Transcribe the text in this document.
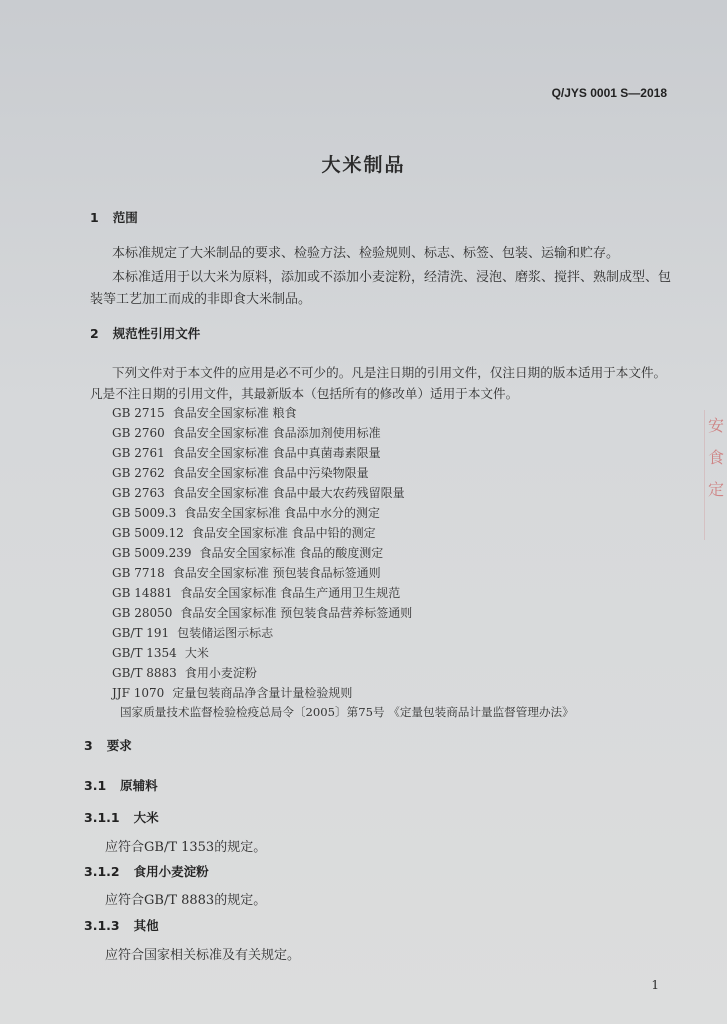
Q/JYS 0001 S—2018
大米制品
1 范围
本标准规定了大米制品的要求、检验方法、检验规则、标志、标签、包装、运输和贮存。
本标准适用于以大米为原料，添加或不添加小麦淀粉，经清洗、浸泡、磨浆、搅拌、熟制成型、包
装等工艺加工而成的非即食大米制品。
2 规范性引用文件
下列文件对于本文件的应用是必不可少的。凡是注日期的引用文件，仅注日期的版本适用于本文件。
凡是不注日期的引用文件，其最新版本（包括所有的修改单）适用于本文件。
GB 2715 食品安全国家标准 粮食
GB 2760 食品安全国家标准 食品添加剂使用标准
GB 2761 食品安全国家标准 食品中真菌毒素限量
GB 2762 食品安全国家标准 食品中污染物限量
GB 2763 食品安全国家标准 食品中最大农药残留限量
GB 5009.3 食品安全国家标准 食品中水分的测定
GB 5009.12 食品安全国家标准 食品中铅的测定
GB 5009.239 食品安全国家标准 食品的酸度测定
GB 7718 食品安全国家标准 预包装食品标签通则
GB 14881 食品安全国家标准 食品生产通用卫生规范
GB 28050 食品安全国家标准 预包装食品营养标签通则
GB/T 191 包装储运图示标志
GB/T 1354 大米
GB/T 8883 食用小麦淀粉
JJF 1070 定量包装商品净含量计量检验规则
国家质量技术监督检验检疫总局令〔2005〕第75号 《定量包装商品计量监督管理办法》
3 要求
3.1 原辅料
3.1.1 大米
应符合GB/T 1353的规定。
3.1.2 食用小麦淀粉
应符合GB/T 8883的规定。
3.1.3 其他
应符合国家相关标准及有关规定。
安 食 定
1
